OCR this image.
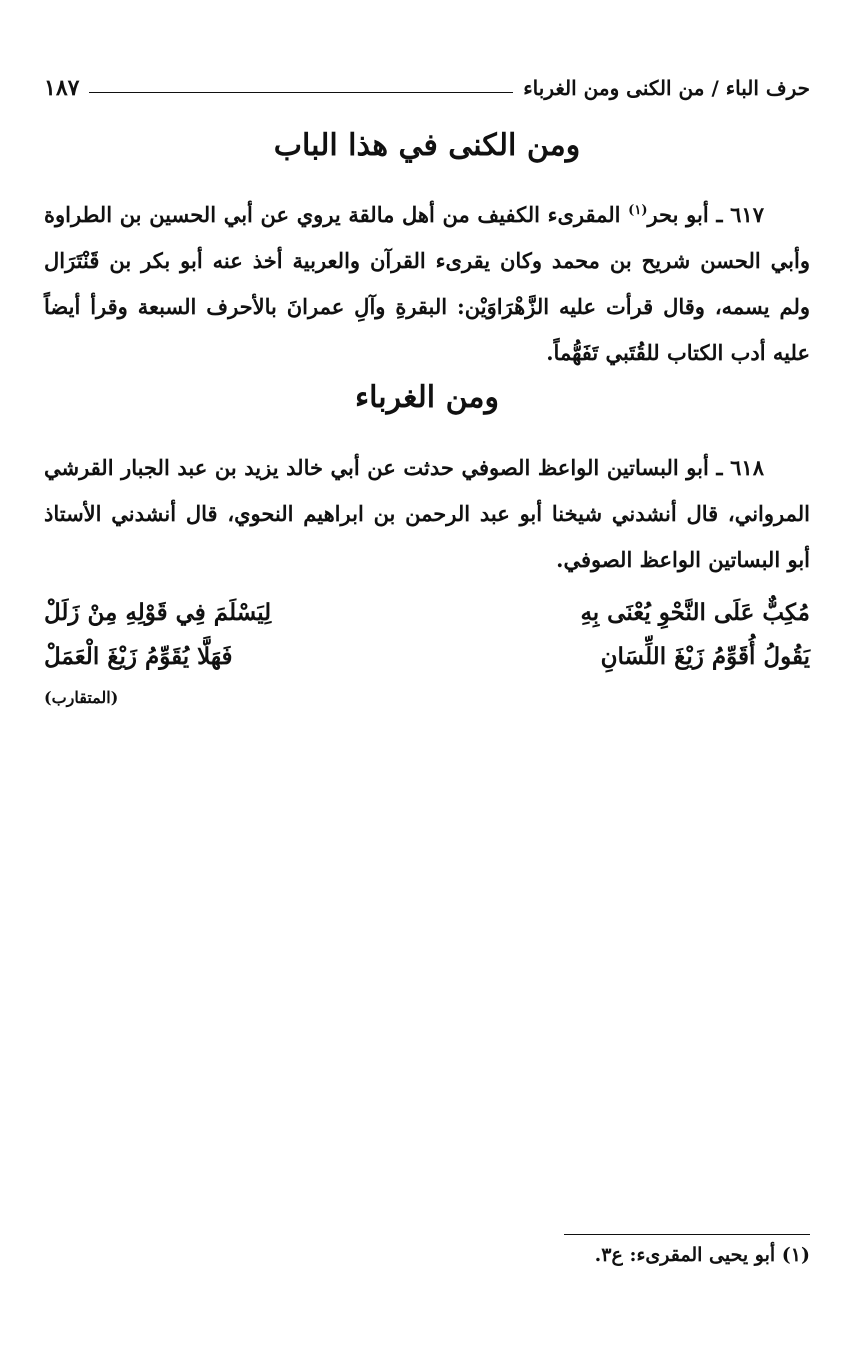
حرف الباء / من الكنى ومن الغرباء
١٨٧
ومن الكنى في هذا الباب

٦١٧ ـ أبو بحر$^{(١)}$ المقرىء الكفيف من أهل مالقة يروي عن أبي الحسين بن الطراوة وأبي الحسن شريح بن محمد وكان يقرىء القرآن والعربية أخذ عنه أبو بكر بن قَنْتَرَال ولم يسمه، وقال قرأت عليه الزَّهْرَاوَيْن: البقرةِ وآلِ عمرانَ بالأحرف السبعة وقرأ أيضاً عليه أدب الكتاب للقُتَبي تَفَهُّماً.

ومن الغرباء

٦١٨ ـ أبو البساتين الواعظ الصوفي حدثت عن أبي خالد يزيد بن عبد الجبار القرشي المرواني، قال أنشدني شيخنا أبو عبد الرحمن بن ابراهيم النحوي، قال أنشدني الأستاذ أبو البساتين الواعظ الصوفي.

مُكِبٌّ عَلَى النَّحْوِ يُعْنَى بِهِ
لِيَسْلَمَ فِي قَوْلِهِ مِنْ زَلَلْ
يَقُولُ أُقَوِّمُ زَيْغَ اللِّسَانِ
فَهَلَّا يُقَوِّمُ زَيْغَ الْعَمَلْ
(المتقارب)
(١) أبو يحيى المقرىء: ع٣.
